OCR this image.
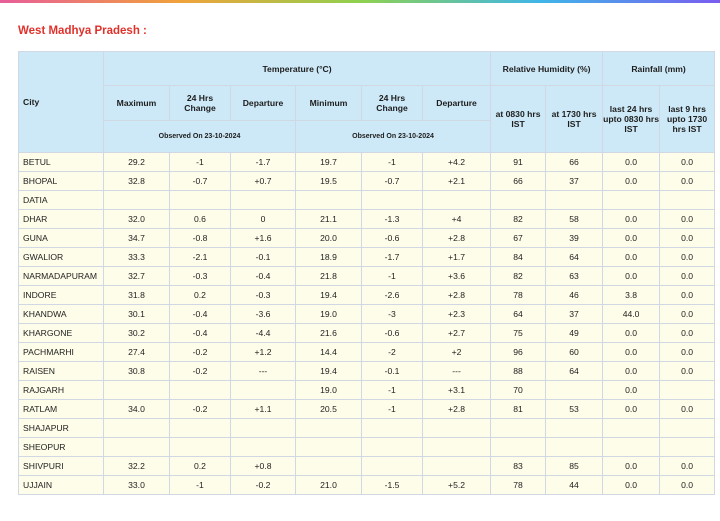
West Madhya Pradesh :
City	Temperature (°C)						Relative Humidity (%)		Rainfall (mm)	
	Maximum	24 Hrs Change	Departure	Minimum	24 Hrs Change	Departure	at 0830 hrs IST	at 1730 hrs IST	last 24 hrs upto 0830 hrs IST	last 9 hrs upto 1730 hrs IST
	Observed On 23-10-2024			Observed On 23-10-2024						
BETUL	29.2	-1	-1.7	19.7	-1	+4.2	91	66	0.0	0.0
BHOPAL	32.8	-0.7	+0.7	19.5	-0.7	+2.1	66	37	0.0	0.0
DATIA										
DHAR	32.0	0.6	0	21.1	-1.3	+4	82	58	0.0	0.0
GUNA	34.7	-0.8	+1.6	20.0	-0.6	+2.8	67	39	0.0	0.0
GWALIOR	33.3	-2.1	-0.1	18.9	-1.7	+1.7	84	64	0.0	0.0
NARMADAPURAM	32.7	-0.3	-0.4	21.8	-1	+3.6	82	63	0.0	0.0
INDORE	31.8	0.2	-0.3	19.4	-2.6	+2.8	78	46	3.8	0.0
KHANDWA	30.1	-0.4	-3.6	19.0	-3	+2.3	64	37	44.0	0.0
KHARGONE	30.2	-0.4	-4.4	21.6	-0.6	+2.7	75	49	0.0	0.0
PACHMARHI	27.4	-0.2	+1.2	14.4	-2	+2	96	60	0.0	0.0
RAISEN	30.8	-0.2	---	19.4	-0.1	---	88	64	0.0	0.0
RAJGARH				19.0	-1	+3.1	70		0.0	
RATLAM	34.0	-0.2	+1.1	20.5	-1	+2.8	81	53	0.0	0.0
SHAJAPUR										
SHEOPUR										
SHIVPURI	32.2	0.2	+0.8				83	85	0.0	0.0
UJJAIN	33.0	-1	-0.2	21.0	-1.5	+5.2	78	44	0.0	0.0
